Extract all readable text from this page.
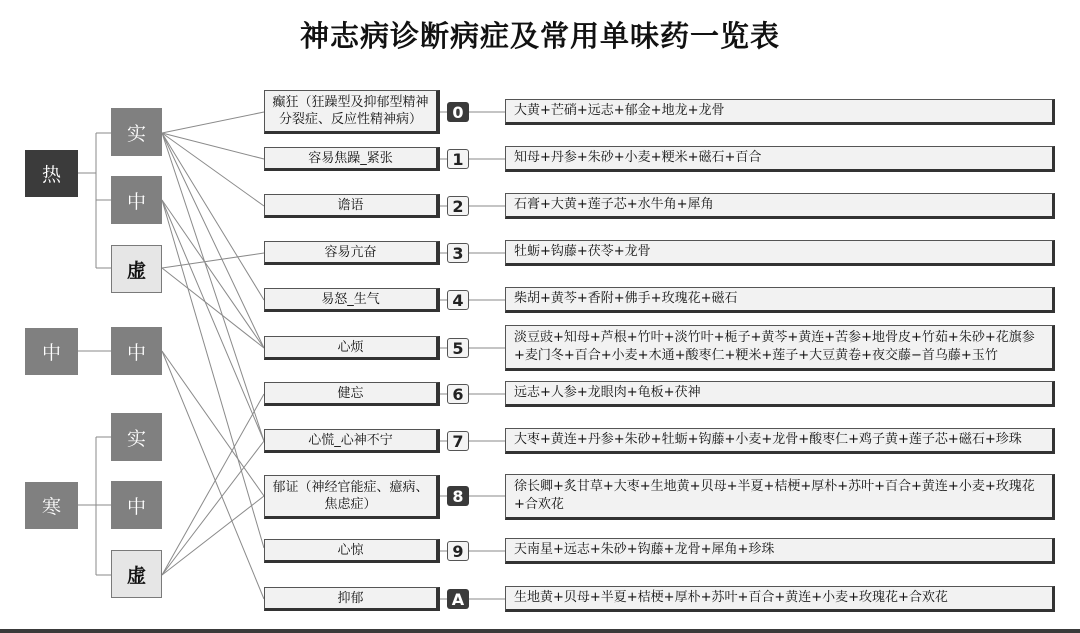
神志病诊断病症及常用单味药一览表
热
中
寒
实
中
虚
中
实
中
虚
癫狂（狂躁型及抑郁型精神分裂症、反应性精神病）
容易焦躁_紧张
谵语
容易亢奋
易怒_生气
心烦
健忘
心慌_心神不宁
郁证（神经官能症、癔病、焦虑症）
心惊
抑郁
0
1
2
3
4
5
6
7
8
9
A
大黄+芒硝+远志+郁金+地龙+龙骨
知母+丹参+朱砂+小麦+粳米+磁石+百合
石膏+大黄+莲子芯+水牛角+犀角
牡蛎+钩藤+茯苓+龙骨
柴胡+黄芩+香附+佛手+玫瑰花+磁石
淡豆豉+知母+芦根+竹叶+淡竹叶+栀子+黄芩+黄连+苦参+地骨皮+竹茹+朱砂+花旗参+麦门冬+百合+小麦+木通+酸枣仁+粳米+莲子+大豆黄卷+夜交藤−首乌藤+玉竹
远志+人参+龙眼肉+龟板+茯神
大枣+黄连+丹参+朱砂+牡蛎+钩藤+小麦+龙骨+酸枣仁+鸡子黄+莲子芯+磁石+珍珠
徐长卿+炙甘草+大枣+生地黄+贝母+半夏+桔梗+厚朴+苏叶+百合+黄连+小麦+玫瑰花+合欢花
天南星+远志+朱砂+钩藤+龙骨+犀角+珍珠
生地黄+贝母+半夏+桔梗+厚朴+苏叶+百合+黄连+小麦+玫瑰花+合欢花
